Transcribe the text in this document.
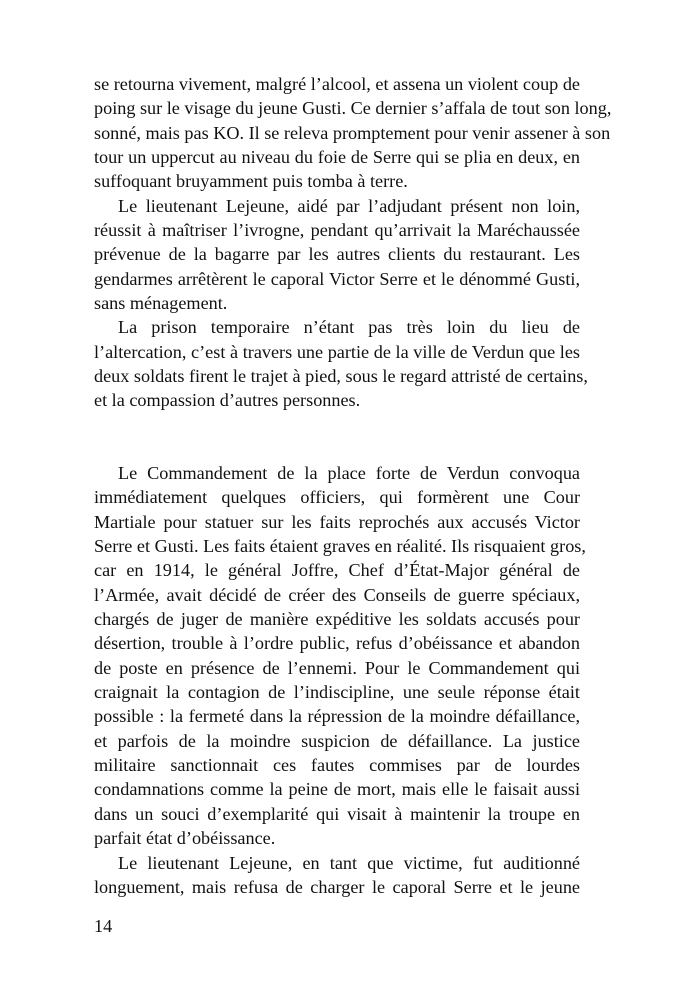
se retourna vivement, malgré l’alcool, et assena un violent coup de
poing sur le visage du jeune Gusti. Ce dernier s’affala de tout son long,
sonné, mais pas KO. Il se releva promptement pour venir assener à son
tour un uppercut au niveau du foie de Serre qui se plia en deux, en
suffoquant bruyamment puis tomba à terre.
Le lieutenant Lejeune, aidé par l’adjudant présent non loin,
réussit à maîtriser l’ivrogne, pendant qu’arrivait la Maréchaussée
prévenue de la bagarre par les autres clients du restaurant. Les
gendarmes arrêtèrent le caporal Victor Serre et le dénommé Gusti,
sans ménagement.
La prison temporaire n’étant pas très loin du lieu de
l’altercation, c’est à travers une partie de la ville de Verdun que les
deux soldats firent le trajet à pied, sous le regard attristé de certains,
et la compassion d’autres personnes.
Le Commandement de la place forte de Verdun convoqua
immédiatement quelques officiers, qui formèrent une Cour
Martiale pour statuer sur les faits reprochés aux accusés Victor
Serre et Gusti. Les faits étaient graves en réalité. Ils risquaient gros,
car en 1914, le général Joffre, Chef d’État-Major général de
l’Armée, avait décidé de créer des Conseils de guerre spéciaux,
chargés de juger de manière expéditive les soldats accusés pour
désertion, trouble à l’ordre public, refus d’obéissance et abandon
de poste en présence de l’ennemi. Pour le Commandement qui
craignait la contagion de l’indiscipline, une seule réponse était
possible : la fermeté dans la répression de la moindre défaillance,
et parfois de la moindre suspicion de défaillance. La justice
militaire sanctionnait ces fautes commises par de lourdes
condamnations comme la peine de mort, mais elle le faisait aussi
dans un souci d’exemplarité qui visait à maintenir la troupe en
parfait état d’obéissance.
Le lieutenant Lejeune, en tant que victime, fut auditionné
longuement, mais refusa de charger le caporal Serre et le jeune
14
